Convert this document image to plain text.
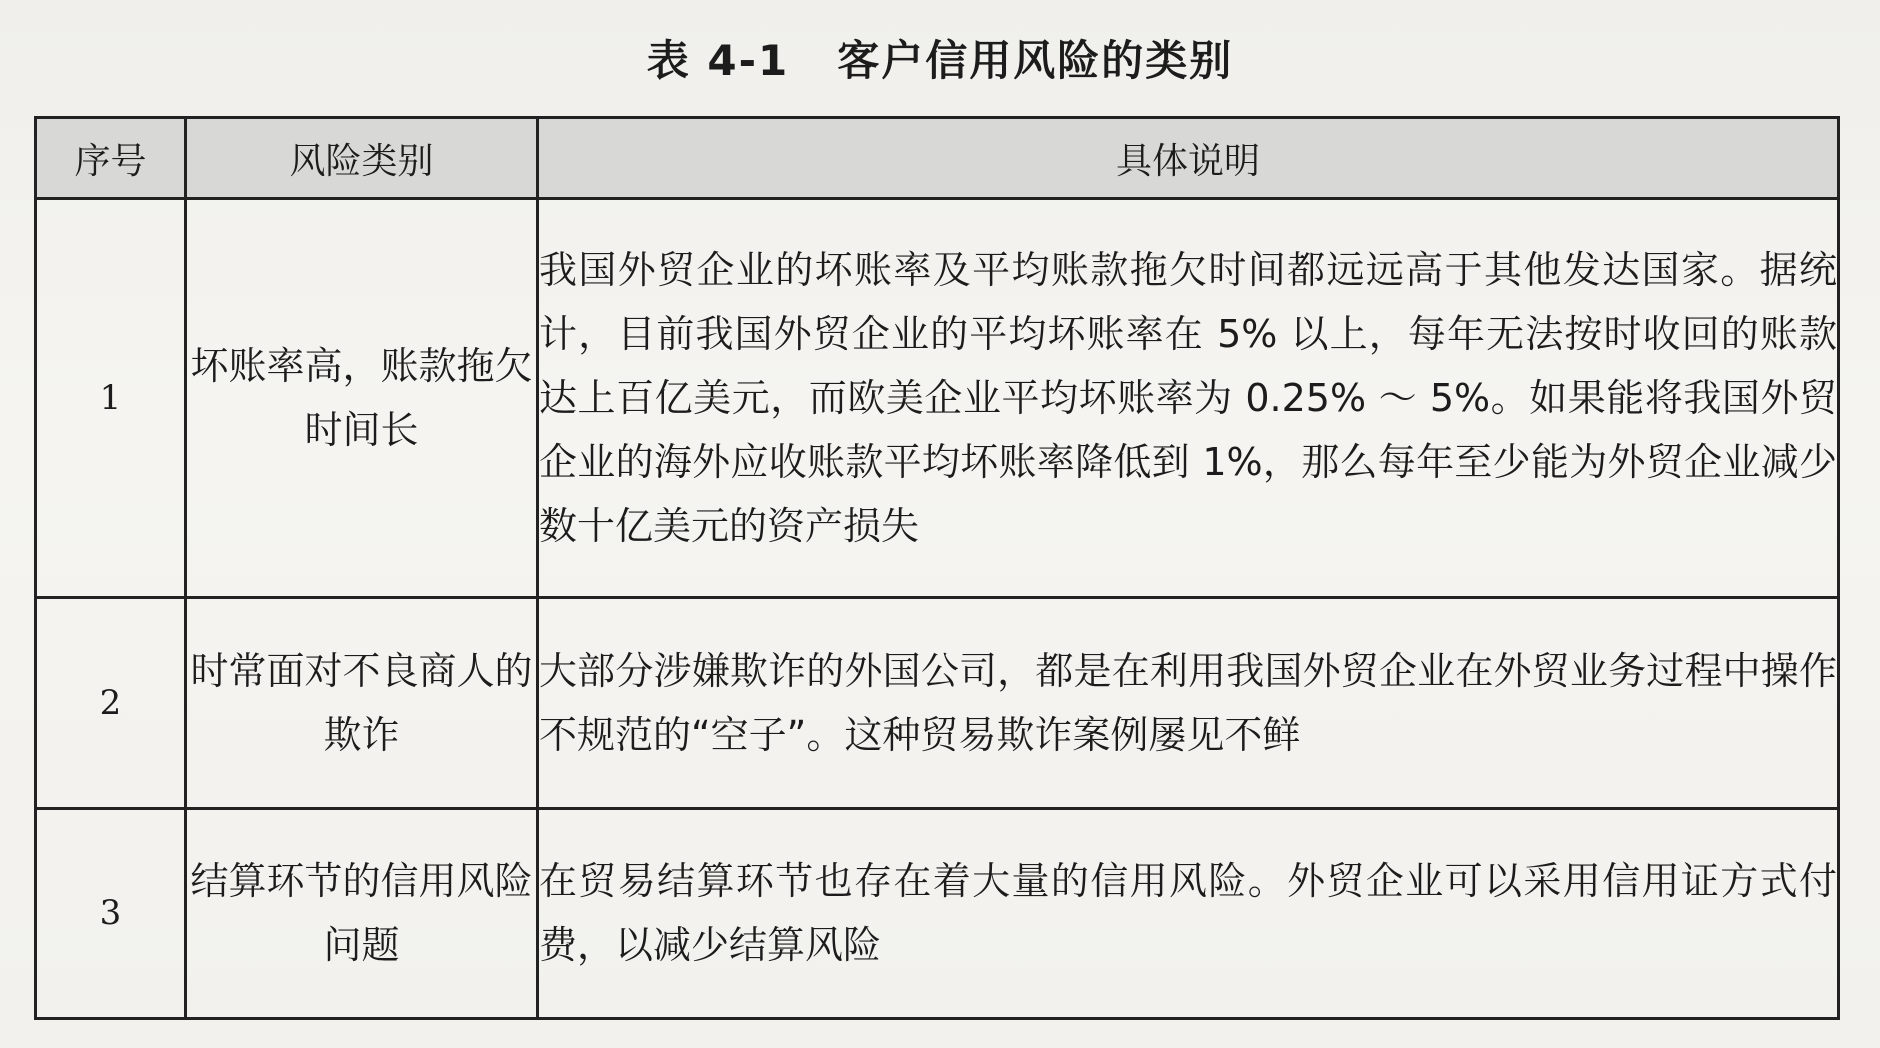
表 4-1 客户信用风险的类别
序号	风险类别	具体说明
1	坏账率高，账款拖欠时间长	我国外贸企业的坏账率及平均账款拖欠时间都远远高于其他发达国家。据统计，目前我国外贸企业的平均坏账率在 5% 以上，每年无法按时收回的账款达上百亿美元，而欧美企业平均坏账率为 0.25% ～ 5%。如果能将我国外贸企业的海外应收账款平均坏账率降低到 1%，那么每年至少能为外贸企业减少数十亿美元的资产损失
2	时常面对不良商人的欺诈	大部分涉嫌欺诈的外国公司，都是在利用我国外贸企业在外贸业务过程中操作不规范的“空子”。这种贸易欺诈案例屡见不鲜
3	结算环节的信用风险问题	在贸易结算环节也存在着大量的信用风险。外贸企业可以采用信用证方式付费，以减少结算风险
